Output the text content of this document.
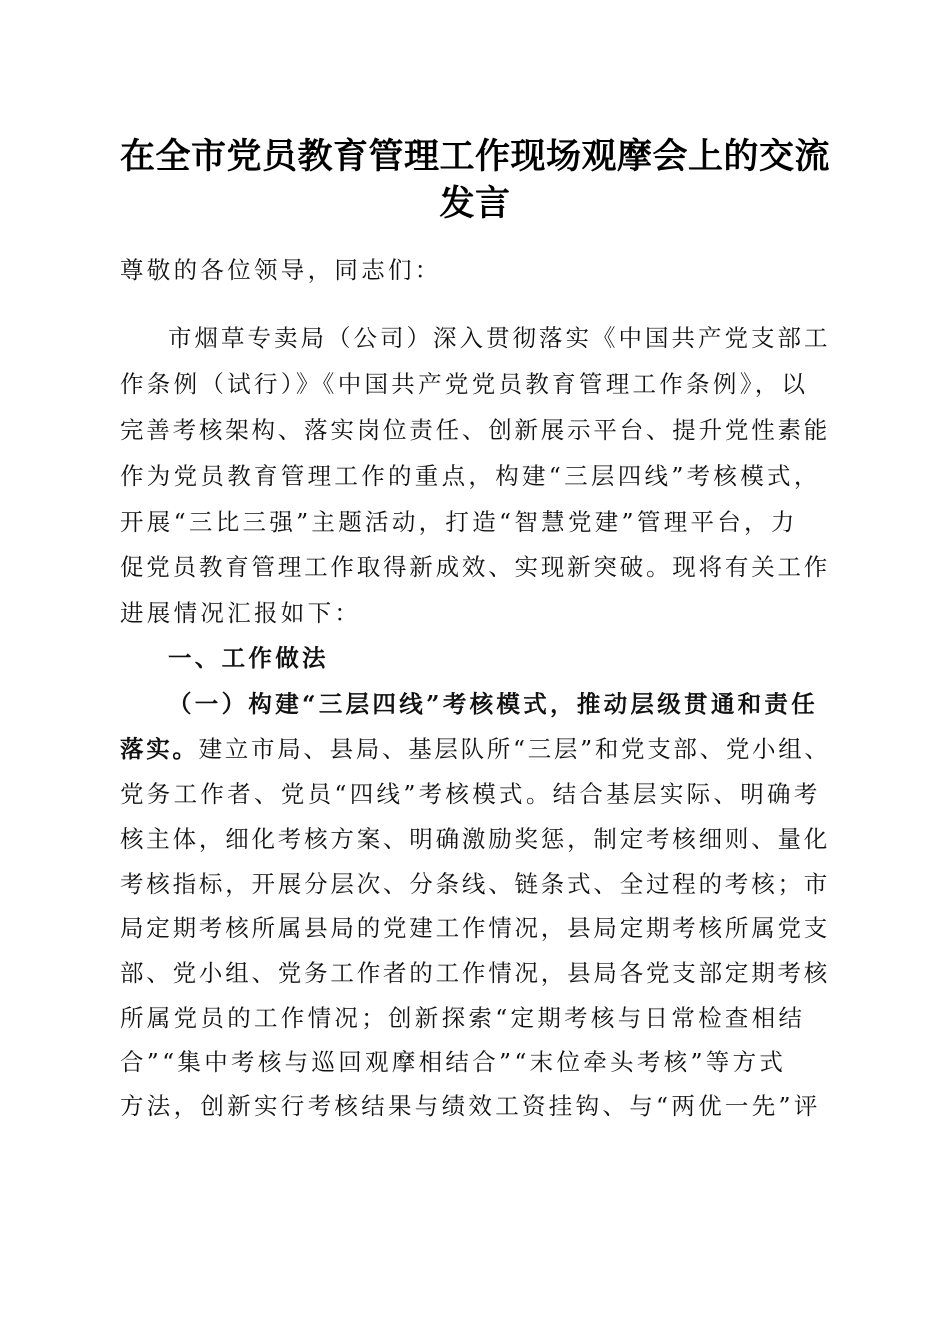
在全市党员教育管理工作现场观摩会上的交流
发言
尊敬的各位领导，同志们：
市烟草专卖局（公司）深入贯彻落实《中国共产党支部工
作条例（试行）》《中国共产党党员教育管理工作条例》，以
完善考核架构、落实岗位责任、创新展示平台、提升党性素能
作为党员教育管理工作的重点，构建“三层四线”考核模式，
开展“三比三强”主题活动，打造“智慧党建”管理平台，力
促党员教育管理工作取得新成效、实现新突破。现将有关工作
进展情况汇报如下：
一、工作做法
（一）构建“三层四线”考核模式，推动层级贯通和责任
落实。建立市局、县局、基层队所“三层”和党支部、党小组、
党务工作者、党员“四线”考核模式。结合基层实际、明确考
核主体，细化考核方案、明确激励奖惩，制定考核细则、量化
考核指标，开展分层次、分条线、链条式、全过程的考核；市
局定期考核所属县局的党建工作情况，县局定期考核所属党支
部、党小组、党务工作者的工作情况，县局各党支部定期考核
所属党员的工作情况；创新探索“定期考核与日常检查相结
合”“集中考核与巡回观摩相结合”“末位牵头考核”等方式
方法，创新实行考核结果与绩效工资挂钩、与“两优一先”评
